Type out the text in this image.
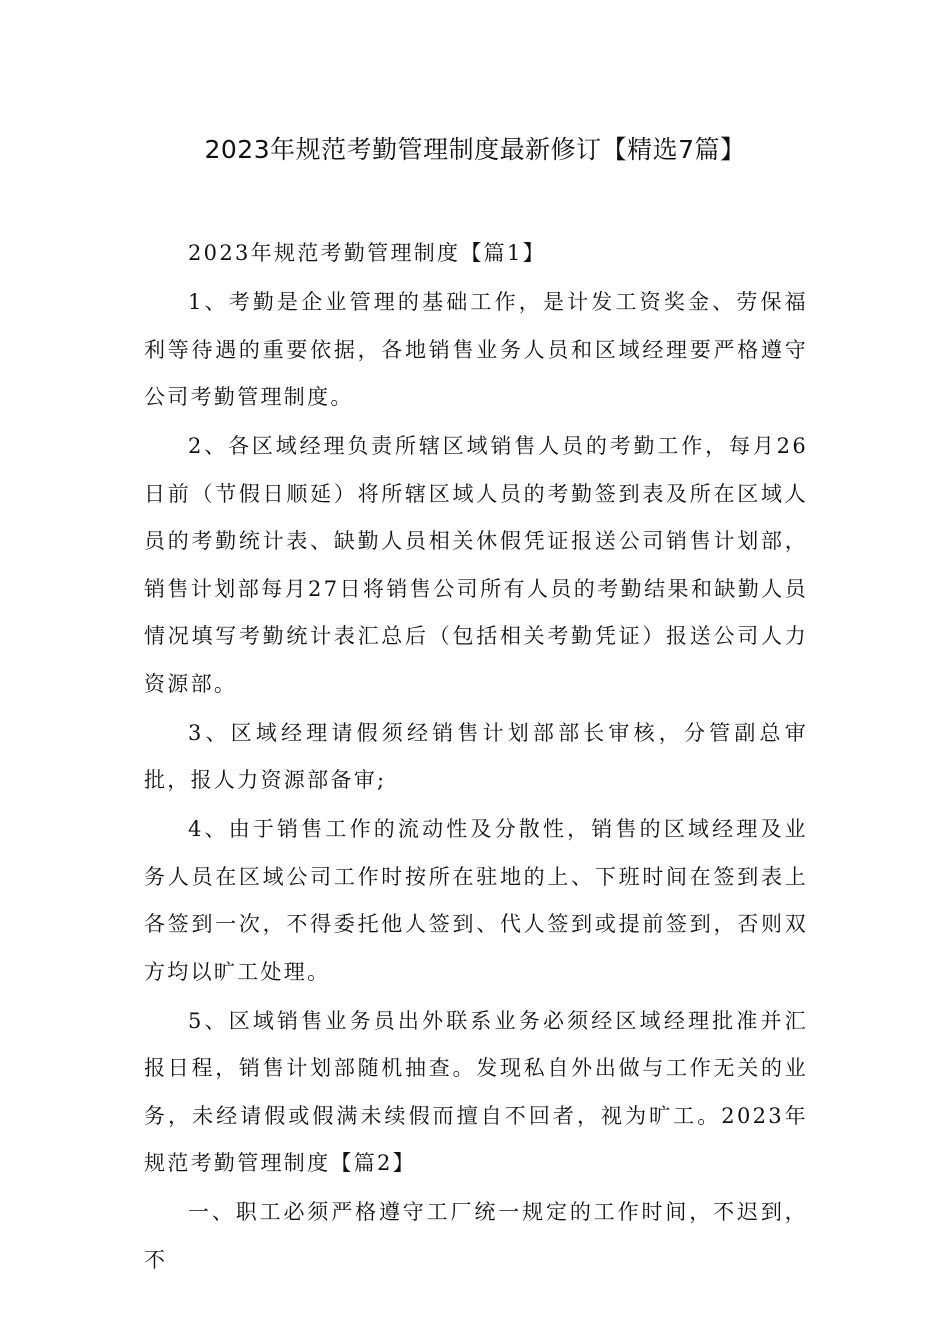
2023年规范考勤管理制度最新修订【精选7篇】

2023年规范考勤管理制度【篇1】

1、考勤是企业管理的基础工作，是计发工资奖金、劳保福利等待遇的重要依据，各地销售业务人员和区域经理要严格遵守公司考勤管理制度。

2、各区域经理负责所辖区域销售人员的考勤工作，每月26日前（节假日顺延）将所辖区域人员的考勤签到表及所在区域人员的考勤统计表、缺勤人员相关休假凭证报送公司销售计划部，销售计划部每月27日将销售公司所有人员的考勤结果和缺勤人员情况填写考勤统计表汇总后（包括相关考勤凭证）报送公司人力资源部。

3、区域经理请假须经销售计划部部长审核，分管副总审批，报人力资源部备审;

4、由于销售工作的流动性及分散性，销售的区域经理及业务人员在区域公司工作时按所在驻地的上、下班时间在签到表上各签到一次，不得委托他人签到、代人签到或提前签到，否则双方均以旷工处理。

5、区域销售业务员出外联系业务必须经区域经理批准并汇报日程，销售计划部随机抽查。发现私自外出做与工作无关的业务，未经请假或假满未续假而擅自不回者，视为旷工。2023年规范考勤管理制度【篇2】

一、职工必须严格遵守工厂统一规定的工作时间，不迟到，不
